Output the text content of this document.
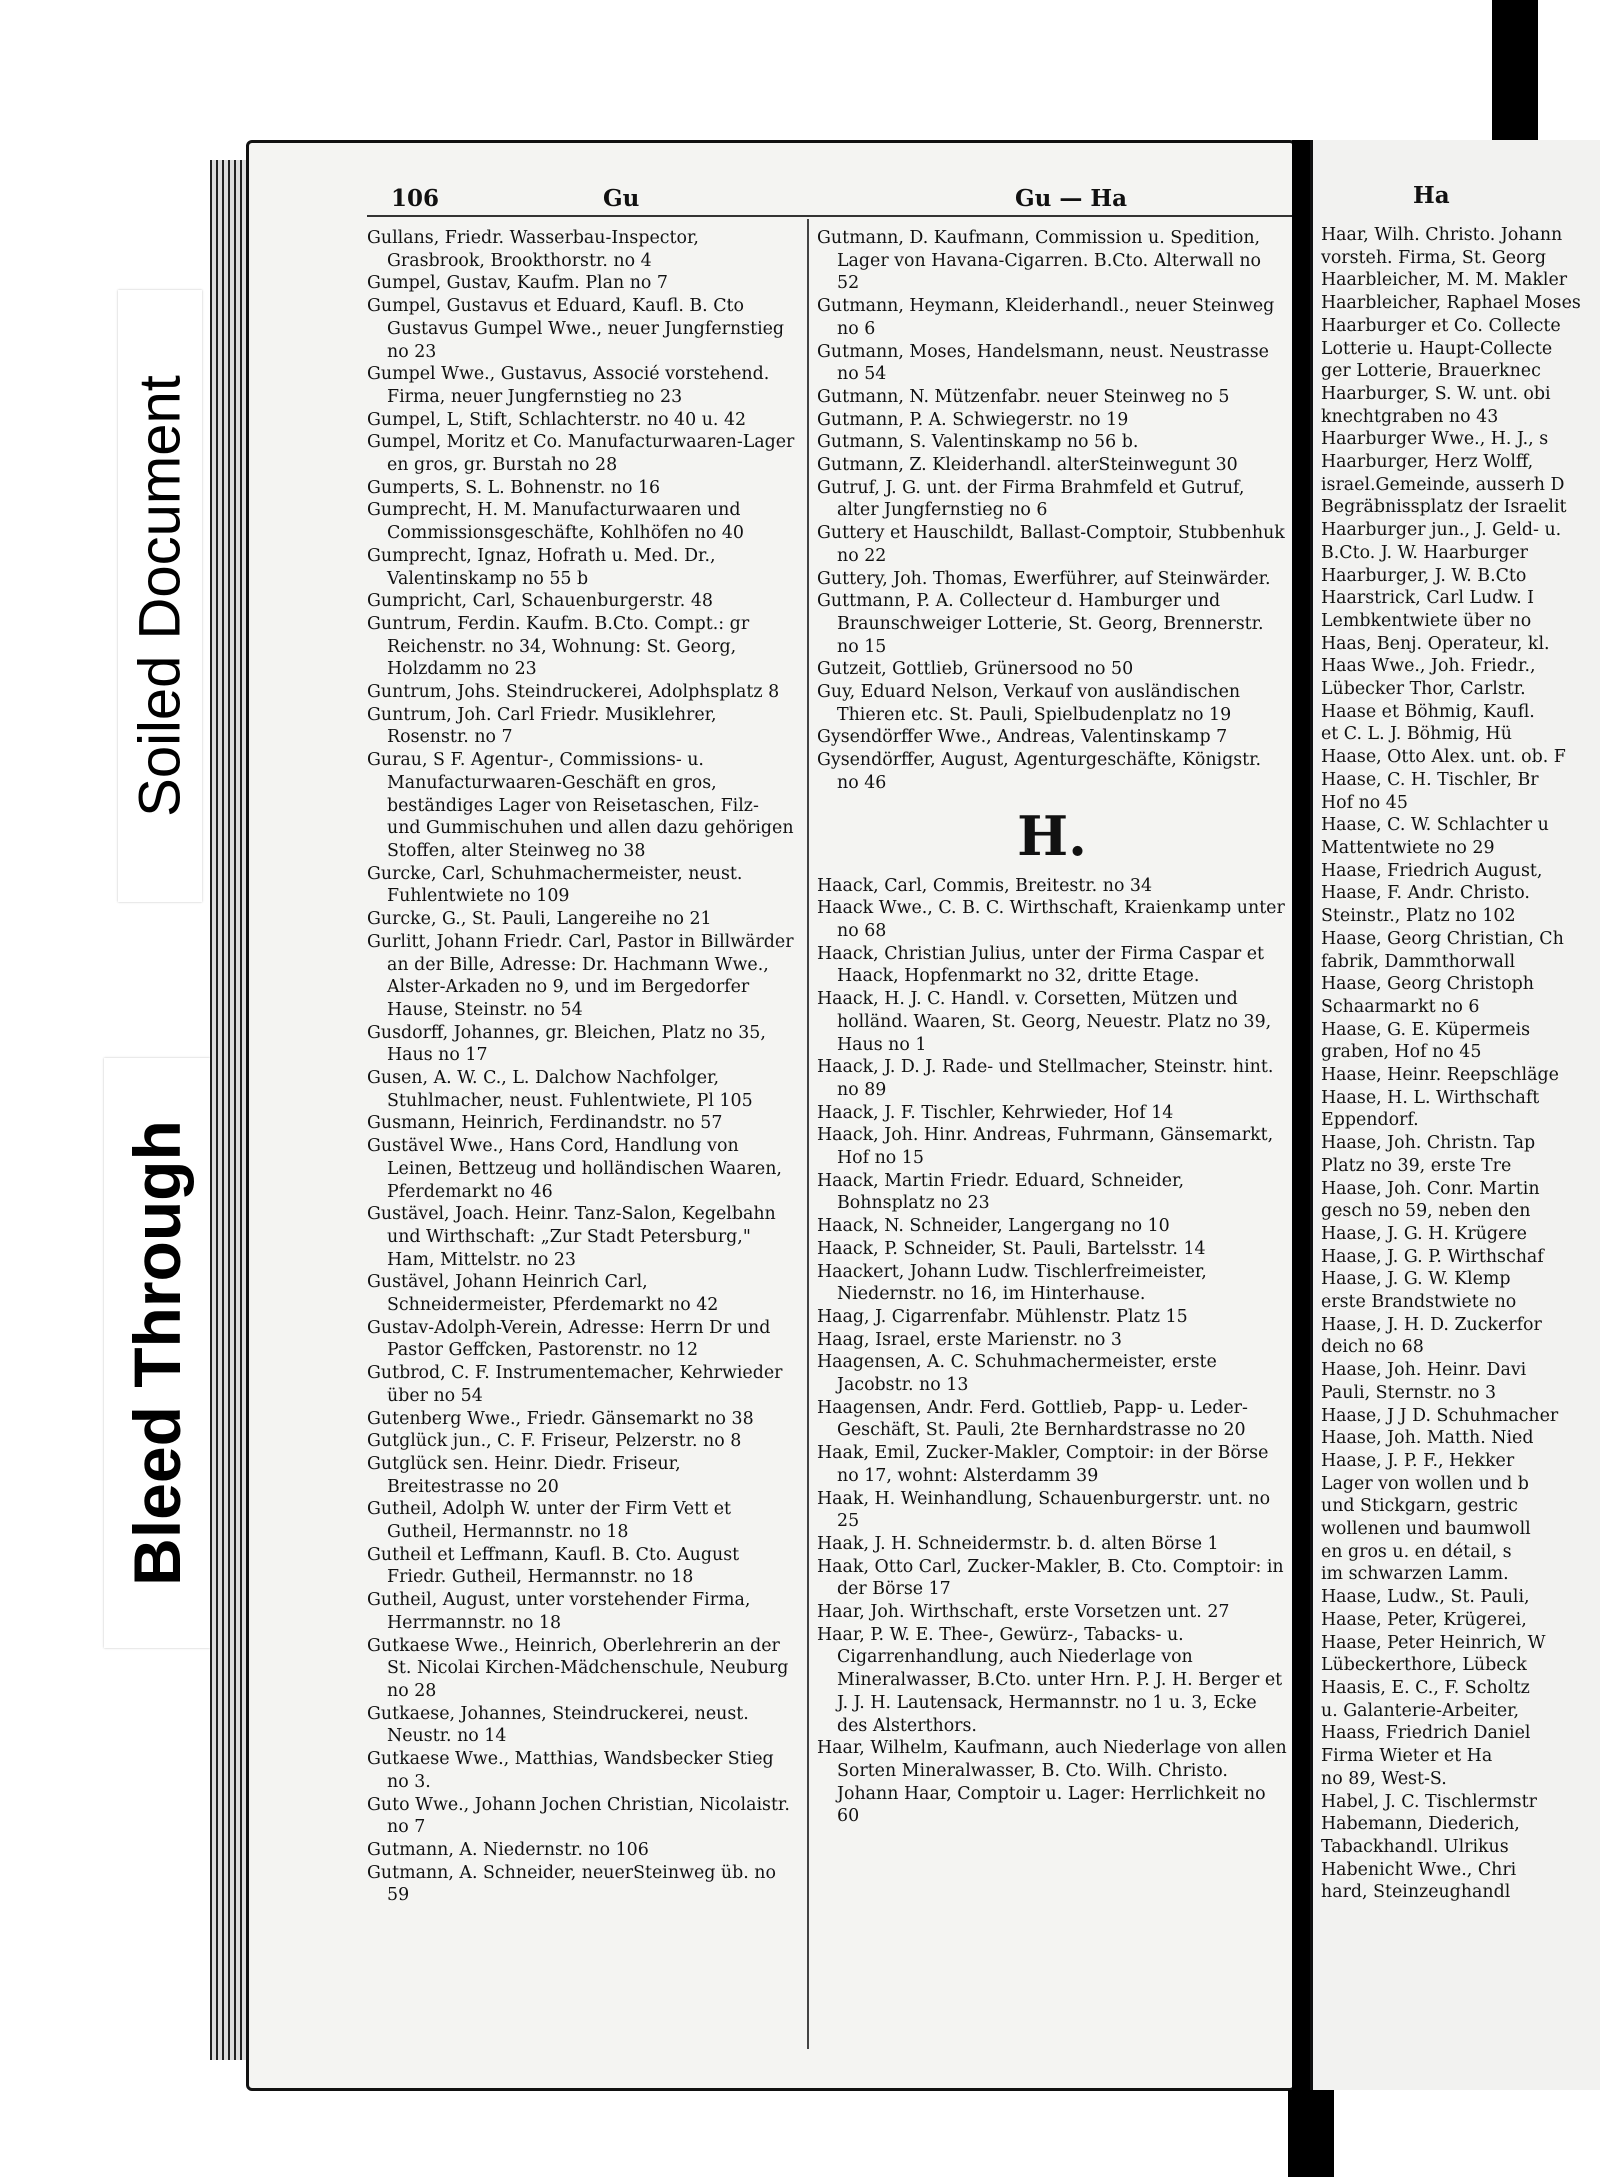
Soiled Document
Bleed Through
106	Gu	Gu — Ha
Gullans, Friedr. Wasserbau-Inspector, Grasbrook, Brookthorstr. no 4
Gumpel, Gustav, Kaufm. Plan no 7
Gumpel, Gustavus et Eduard, Kaufl. B. Cto Gustavus Gumpel Wwe., neuer Jungfernstieg no 23
Gumpel Wwe., Gustavus, Associé vorstehend. Firma, neuer Jungfernstieg no 23
Gumpel, L, Stift, Schlachterstr. no 40 u. 42
Gumpel, Moritz et Co. Manufacturwaaren-Lager en gros, gr. Burstah no 28
Gumperts, S. L. Bohnenstr. no 16
Gumprecht, H. M. Manufacturwaaren und Commissionsgeschäfte, Kohlhöfen no 40
Gumprecht, Ignaz, Hofrath u. Med. Dr., Valentinskamp no 55 b
Gumpricht, Carl, Schauenburgerstr. 48
Guntrum, Ferdin. Kaufm. B.Cto. Compt.: gr Reichenstr. no 34, Wohnung: St. Georg, Holzdamm no 23
Guntrum, Johs. Steindruckerei, Adolphsplatz 8
Guntrum, Joh. Carl Friedr. Musiklehrer, Rosenstr. no 7
Gurau, S F. Agentur-, Commissions- u. Manufacturwaaren-Geschäft en gros, beständiges Lager von Reisetaschen, Filz- und Gummischuhen und allen dazu gehörigen Stoffen, alter Steinweg no 38
Gurcke, Carl, Schuhmachermeister, neust. Fuhlentwiete no 109
Gurcke, G., St. Pauli, Langereihe no 21
Gurlitt, Johann Friedr. Carl, Pastor in Billwärder an der Bille, Adresse: Dr. Hachmann Wwe., Alster-Arkaden no 9, und im Bergedorfer Hause, Steinstr. no 54
Gusdorff, Johannes, gr. Bleichen, Platz no 35, Haus no 17
Gusen, A. W. C., L. Dalchow Nachfolger, Stuhlmacher, neust. Fuhlentwiete, Pl 105
Gusmann, Heinrich, Ferdinandstr. no 57
Gustävel Wwe., Hans Cord, Handlung von Leinen, Bettzeug und holländischen Waaren, Pferdemarkt no 46
Gustävel, Joach. Heinr. Tanz-Salon, Kegelbahn und Wirthschaft: „Zur Stadt Petersburg," Ham, Mittelstr. no 23
Gustävel, Johann Heinrich Carl, Schneidermeister, Pferdemarkt no 42
Gustav-Adolph-Verein, Adresse: Herrn Dr und Pastor Geffcken, Pastorenstr. no 12
Gutbrod, C. F. Instrumentemacher, Kehrwieder über no 54
Gutenberg Wwe., Friedr. Gänsemarkt no 38
Gutglück jun., C. F. Friseur, Pelzerstr. no 8
Gutglück sen. Heinr. Diedr. Friseur, Breitestrasse no 20
Gutheil, Adolph W. unter der Firm Vett et Gutheil, Hermannstr. no 18
Gutheil et Leffmann, Kaufl. B. Cto. August Friedr. Gutheil, Hermannstr. no 18
Gutheil, August, unter vorstehender Firma, Herrmannstr. no 18
Gutkaese Wwe., Heinrich, Oberlehrerin an der St. Nicolai Kirchen-Mädchenschule, Neuburg no 28
Gutkaese, Johannes, Steindruckerei, neust. Neustr. no 14
Gutkaese Wwe., Matthias, Wandsbecker Stieg no 3.
Guto Wwe., Johann Jochen Christian, Nicolaistr. no 7
Gutmann, A. Niedernstr. no 106
Gutmann, A. Schneider, neuerSteinweg üb. no 59
Gutmann, D. Kaufmann, Commission u. Spedition, Lager von Havana-Cigarren. B.Cto. Alterwall no 52
Gutmann, Heymann, Kleiderhandl., neuer Steinweg no 6
Gutmann, Moses, Handelsmann, neust. Neustrasse no 54
Gutmann, N. Mützenfabr. neuer Steinweg no 5
Gutmann, P. A. Schwiegerstr. no 19
Gutmann, S. Valentinskamp no 56 b.
Gutmann, Z. Kleiderhandl. alterSteinwegunt 30
Gutruf, J. G. unt. der Firma Brahmfeld et Gutruf, alter Jungfernstieg no 6
Guttery et Hauschildt, Ballast-Comptoir, Stubbenhuk no 22
Guttery, Joh. Thomas, Ewerführer, auf Steinwärder.
Guttmann, P. A. Collecteur d. Hamburger und Braunschweiger Lotterie, St. Georg, Brennerstr. no 15
Gutzeit, Gottlieb, Grünersood no 50
Guy, Eduard Nelson, Verkauf von ausländischen Thieren etc. St. Pauli, Spielbudenplatz no 19
Gysendörffer Wwe., Andreas, Valentinskamp 7
Gysendörffer, August, Agenturgeschäfte, Königstr. no 46
H.
Haack, Carl, Commis, Breitestr. no 34
Haack Wwe., C. B. C. Wirthschaft, Kraienkamp unter no 68
Haack, Christian Julius, unter der Firma Caspar et Haack, Hopfenmarkt no 32, dritte Etage.
Haack, H. J. C. Handl. v. Corsetten, Mützen und holländ. Waaren, St. Georg, Neuestr. Platz no 39, Haus no 1
Haack, J. D. J. Rade- und Stellmacher, Steinstr. hint. no 89
Haack, J. F. Tischler, Kehrwieder, Hof 14
Haack, Joh. Hinr. Andreas, Fuhrmann, Gänsemarkt, Hof no 15
Haack, Martin Friedr. Eduard, Schneider, Bohnsplatz no 23
Haack, N. Schneider, Langergang no 10
Haack, P. Schneider, St. Pauli, Bartelsstr. 14
Haackert, Johann Ludw. Tischlerfreimeister, Niedernstr. no 16, im Hinterhause.
Haag, J. Cigarrenfabr. Mühlenstr. Platz 15
Haag, Israel, erste Marienstr. no 3
Haagensen, A. C. Schuhmachermeister, erste Jacobstr. no 13
Haagensen, Andr. Ferd. Gottlieb, Papp- u. Leder-Geschäft, St. Pauli, 2te Bernhardstrasse no 20
Haak, Emil, Zucker-Makler, Comptoir: in der Börse no 17, wohnt: Alsterdamm 39
Haak, H. Weinhandlung, Schauenburgerstr. unt. no 25
Haak, J. H. Schneidermstr. b. d. alten Börse 1
Haak, Otto Carl, Zucker-Makler, B. Cto. Comptoir: in der Börse 17
Haar, Joh. Wirthschaft, erste Vorsetzen unt. 27
Haar, P. W. E. Thee-, Gewürz-, Tabacks- u. Cigarrenhandlung, auch Niederlage von Mineralwasser, B.Cto. unter Hrn. P. J. H. Berger et J. J. H. Lautensack, Hermannstr. no 1 u. 3, Ecke des Alsterthors.
Haar, Wilhelm, Kaufmann, auch Niederlage von allen Sorten Mineralwasser, B. Cto. Wilh. Christo. Johann Haar, Comptoir u. Lager: Herrlichkeit no 60
Ha
Haar, Wilh. Christo. Johann
vorsteh. Firma, St. Georg
Haarbleicher, M. M. Makler
Haarbleicher, Raphael Moses
Haarburger et Co. Collecte
Lotterie u. Haupt-Collecte
ger Lotterie, Brauerknec
Haarburger, S. W. unt. obi
knechtgraben no 43
Haarburger Wwe., H. J., s
Haarburger, Herz Wolff,
israel.Gemeinde, ausserh D
Begräbnissplatz der Israelit
Haarburger jun., J. Geld- u.
B.Cto. J. W. Haarburger
Haarburger, J. W. B.Cto
Haarstrick, Carl Ludw. I
Lembkentwiete über no
Haas, Benj. Operateur, kl.
Haas Wwe., Joh. Friedr.,
Lübecker Thor, Carlstr.
Haase et Böhmig, Kaufl.
et C. L. J. Böhmig, Hü
Haase, Otto Alex. unt. ob. F
Haase, C. H. Tischler, Br
Hof no 45
Haase, C. W. Schlachter u
Mattentwiete no 29
Haase, Friedrich August,
Haase, F. Andr. Christo.
Steinstr., Platz no 102
Haase, Georg Christian, Ch
fabrik, Dammthorwall
Haase, Georg Christoph
Schaarmarkt no 6
Haase, G. E. Küpermeis
graben, Hof no 45
Haase, Heinr. Reepschläge
Haase, H. L. Wirthschaft
Eppendorf.
Haase, Joh. Christn. Tap
Platz no 39, erste Tre
Haase, Joh. Conr. Martin
gesch no 59, neben den
Haase, J. G. H. Krügere
Haase, J. G. P. Wirthschaf
Haase, J. G. W. Klemp
erste Brandstwiete no
Haase, J. H. D. Zuckerfor
deich no 68
Haase, Joh. Heinr. Davi
Pauli, Sternstr. no 3
Haase, J J D. Schuhmacher
Haase, Joh. Matth. Nied
Haase, J. P. F., Hekker
Lager von wollen und b
und Stickgarn, gestric
wollenen und baumwoll
en gros u. en détail, s
im schwarzen Lamm.
Haase, Ludw., St. Pauli,
Haase, Peter, Krügerei,
Haase, Peter Heinrich, W
Lübeckerthore, Lübeck
Haasis, E. C., F. Scholtz
u. Galanterie-Arbeiter,
Haass, Friedrich Daniel
Firma Wieter et Ha
no 89, West-S.
Habel, J. C. Tischlermstr
Habemann, Diederich,
Tabackhandl. Ulrikus
Habenicht Wwe., Chri
hard, Steinzeughandl
